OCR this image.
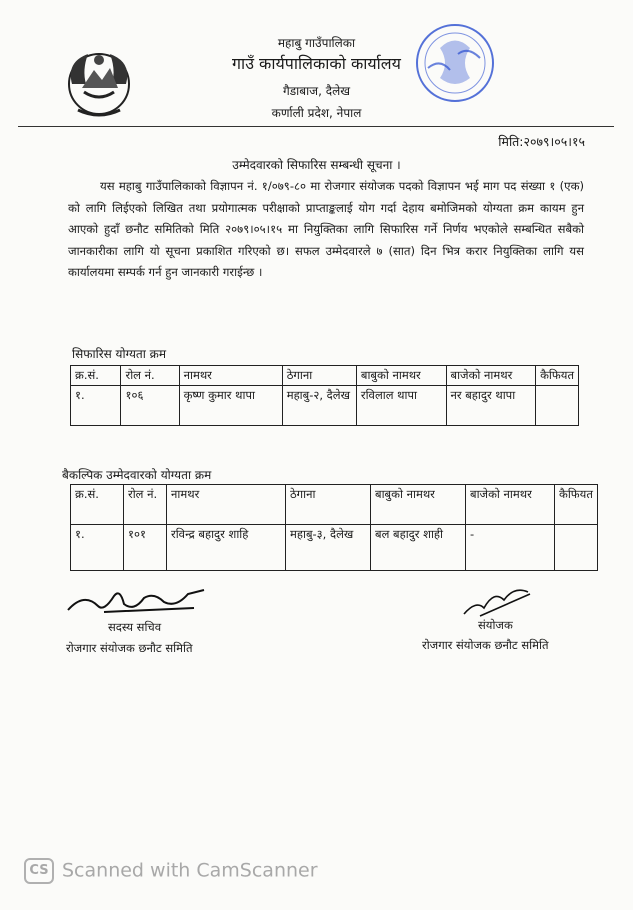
महाबु गाउँपालिका
गाउँ कार्यपालिकाको कार्यालय
गैडाबाज, दैलेख
कर्णाली प्रदेश, नेपाल
मिति:२०७९।०५।१५
उम्मेदवारको सिफारिस सम्बन्धी सूचना ।

यस महाबु गाउँपालिकाको विज्ञापन नं. १/०७९-८० मा रोजगार संयोजक पदको विज्ञापन भई माग पद संख्या १ (एक) को लागि लिईएको लिखित तथा प्रयोगात्मक परीक्षाको प्राप्ताङ्कलाई योग गर्दा देहाय बमोजिमको योग्यता क्रम कायम हुन आएको हुदाँ छनौट समितिको मिति २०७९।०५।१५ मा नियुक्तिका लागि सिफारिस गर्ने निर्णय भएकोले सम्बन्धित सबैको जानकारीका लागि यो सूचना प्रकाशित गरिएको छ। सफल उम्मेदवारले ७ (सात) दिन भित्र करार नियुक्तिका लागि यस कार्यालयमा सम्पर्क गर्न हुन जानकारी गराईन्छ ।

सिफारिस योग्यता क्रम
क्र.सं.	रोल नं.	नामथर	ठेगाना	बाबुको नामथर	बाजेको नामथर	कैफियत
१.	१०६	कृष्ण कुमार थापा	महाबु-२, दैलेख	रविलाल थापा	नर बहादुर थापा	
बैकल्पिक उम्मेदवारको योग्यता क्रम
क्र.सं.	रोल नं.	नामथर	ठेगाना	बाबुको नामथर	बाजेको नामथर	कैफियत
१.	१०१	रविन्द्र बहादुर शाहि	महाबु-३, दैलेख	बल बहादुर शाही	-	
सदस्य सचिव
रोजगार संयोजक छनौट समिति
संयोजक
रोजगार संयोजक छनौट समिति
CS Scanned with CamScanner
